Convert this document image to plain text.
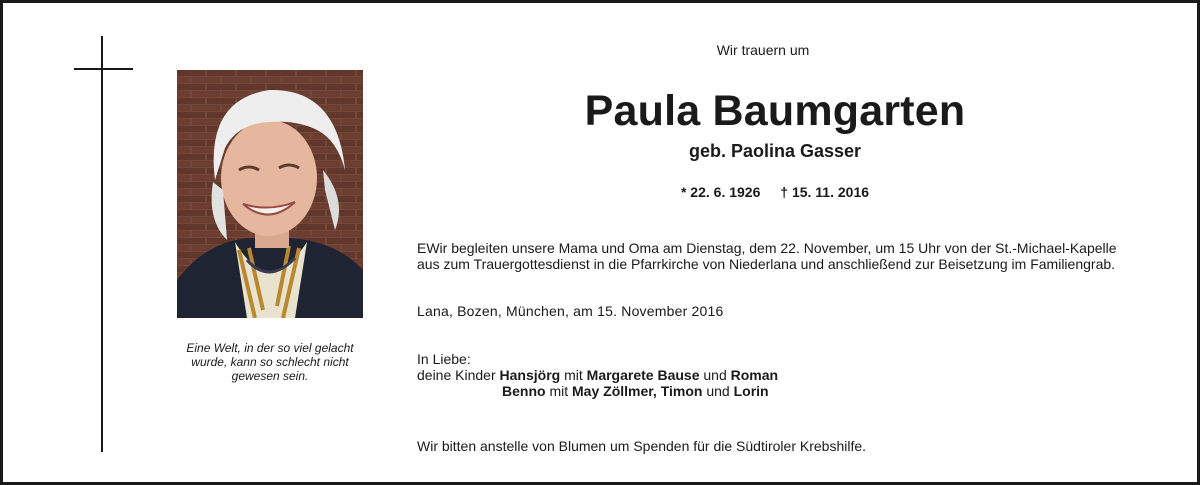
Eine Welt, in der so viel gelacht
wurde, kann so schlecht nicht
gewesen sein.
Wir trauern um
Paula Baumgarten
geb. Paolina Gasser
* 22. 6. 1926 † 15. 11. 2016
EWir begleiten unsere Mama und Oma am Dienstag, dem 22. November, um 15 Uhr von der St.-Michael-Kapelle
aus zum Trauergottesdienst in die Pfarrkirche von Niederlana und anschließend zur Beisetzung im Familiengrab.
Lana, Bozen, München, am 15. November 2016
In Liebe:
deine Kinder Hansjörg mit Margarete Bause und Roman
Benno mit May Zöllmer, Timon und Lorin
Wir bitten anstelle von Blumen um Spenden für die Südtiroler Krebshilfe.
